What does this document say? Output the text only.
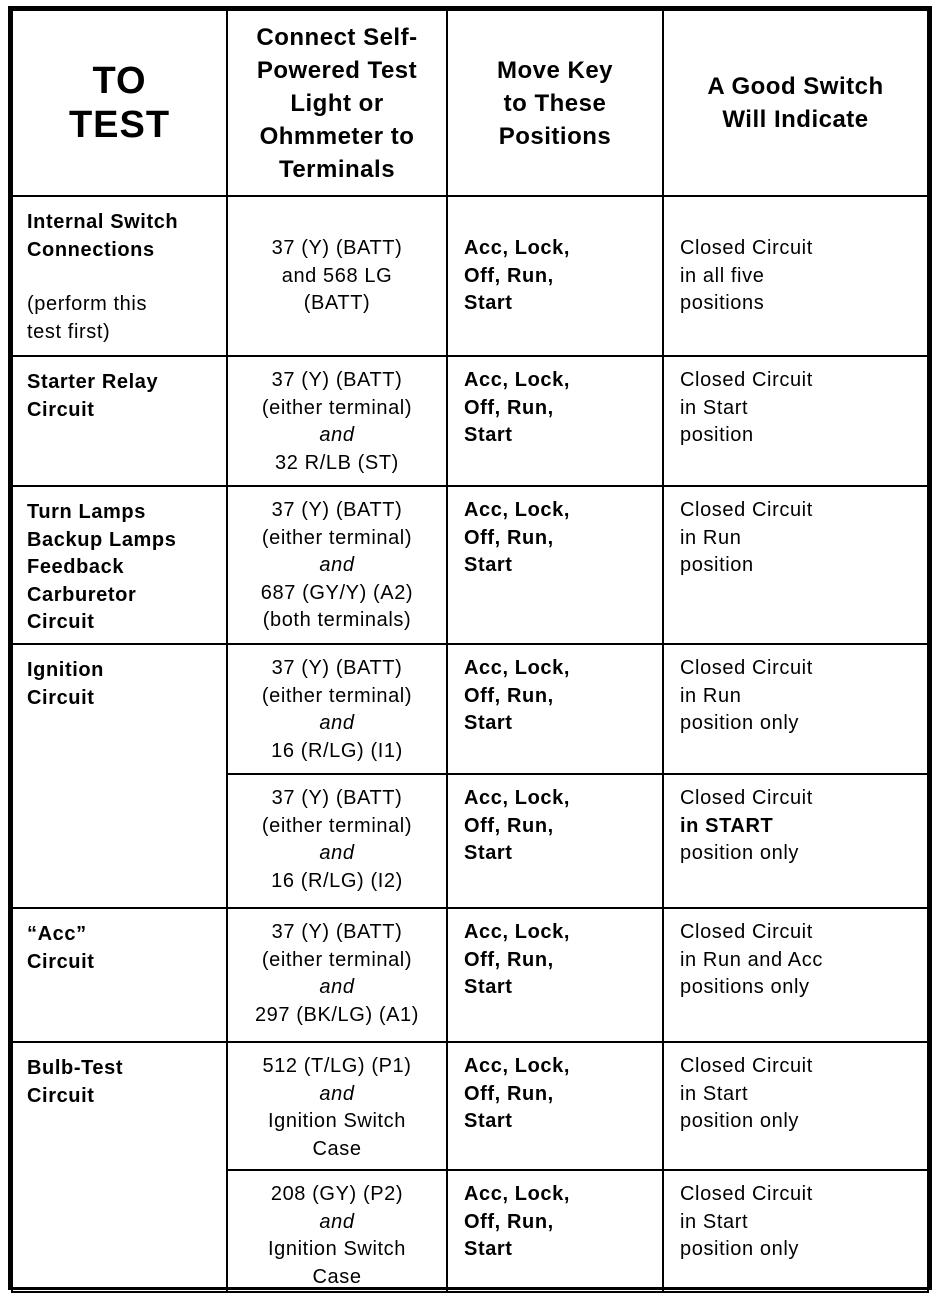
TO
TEST	Connect Self-
Powered Test
Light or
Ohmmeter to
Terminals	Move Key
to These
Positions	A Good Switch
Will Indicate

Internal Switch
Connections
(perform this
test first)	37 (Y) (BATT)
and 568 LG
(BATT)	Acc, Lock,
Off, Run,
Start	Closed Circuit
in all five
positions

Starter Relay
Circuit	37 (Y) (BATT)
(either terminal)
and
32 R/LB (ST)	Acc, Lock,
Off, Run,
Start	Closed Circuit
in Start
position

Turn Lamps
Backup Lamps
Feedback
Carburetor
Circuit	37 (Y) (BATT)
(either terminal)
and
687 (GY/Y) (A2)
(both terminals)	Acc, Lock,
Off, Run,
Start	Closed Circuit
in Run
position

Ignition
Circuit	37 (Y) (BATT)
(either terminal)
and
16 (R/LG) (I1)	Acc, Lock,
Off, Run,
Start	Closed Circuit
in Run
position only

	37 (Y) (BATT)
(either terminal)
and
16 (R/LG) (I2)	Acc, Lock,
Off, Run,
Start	Closed Circuit
in START
position only

“Acc”
Circuit	37 (Y) (BATT)
(either terminal)
and
297 (BK/LG) (A1)	Acc, Lock,
Off, Run,
Start	Closed Circuit
in Run and Acc
positions only

Bulb-Test
Circuit	512 (T/LG) (P1)
and
Ignition Switch
Case	Acc, Lock,
Off, Run,
Start	Closed Circuit
in Start
position only

	208 (GY) (P2)
and
Ignition Switch
Case	Acc, Lock,
Off, Run,
Start	Closed Circuit
in Start
position only
